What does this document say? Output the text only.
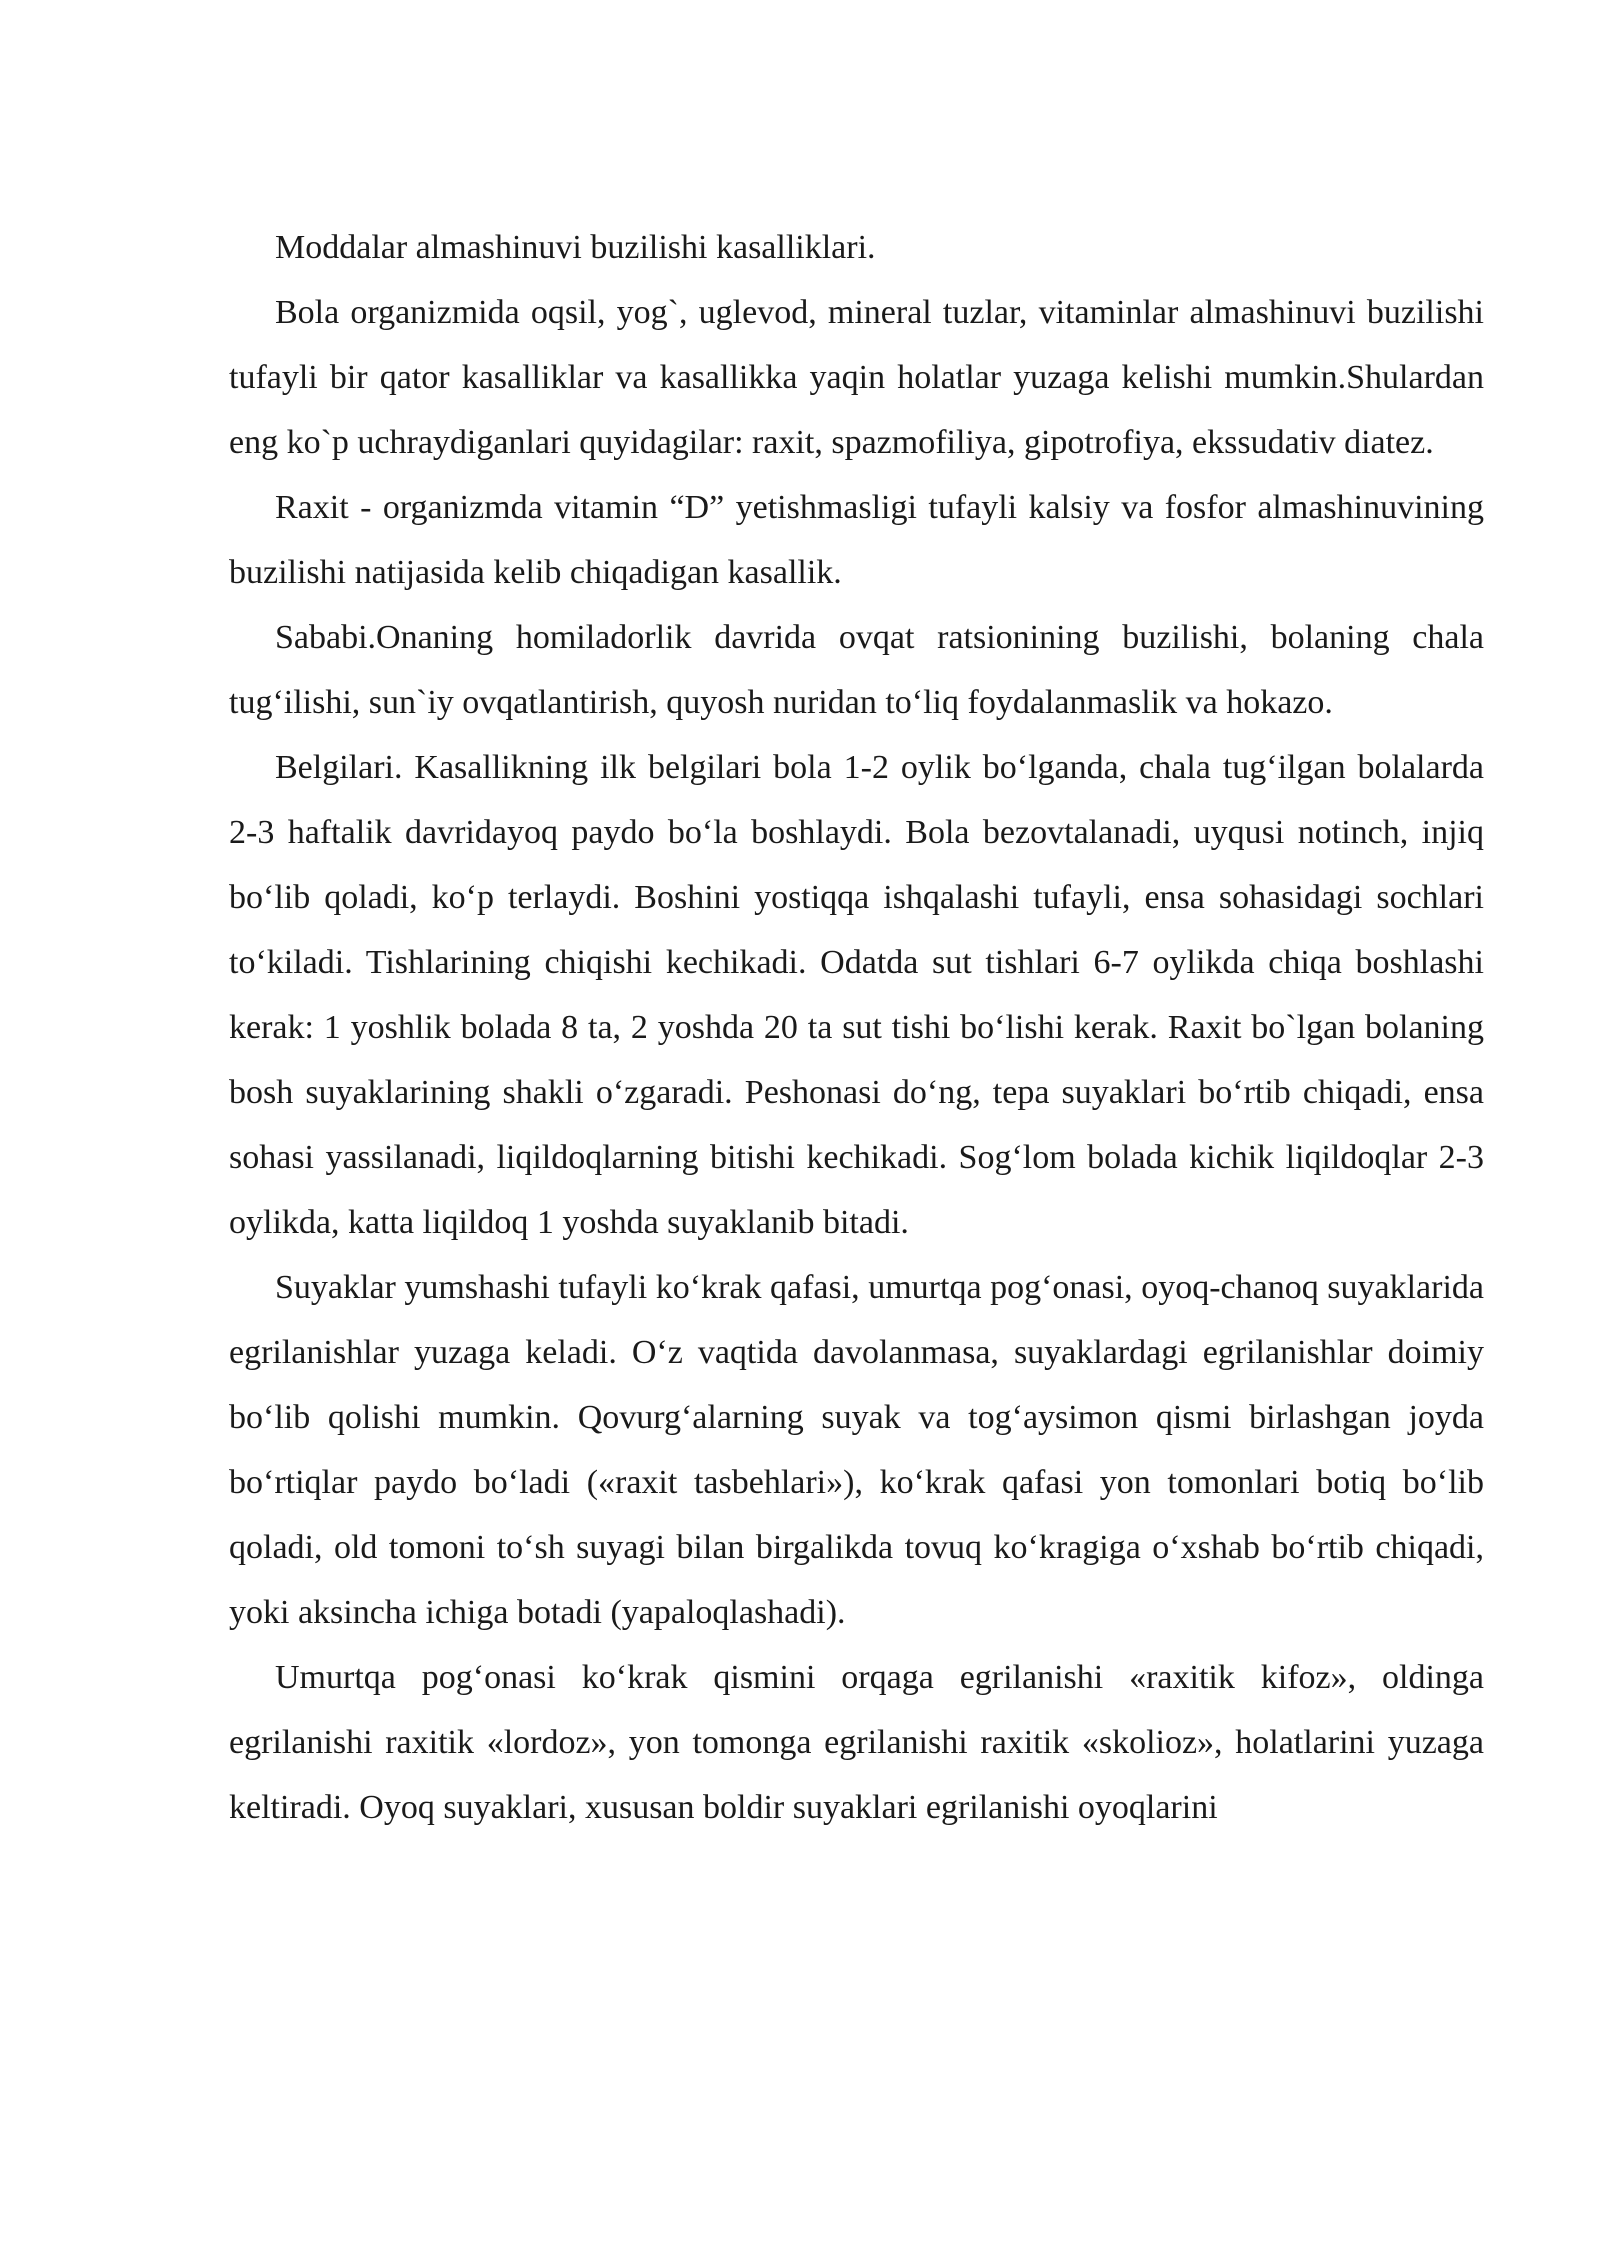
Moddalar almashinuvi buzilishi kasalliklari.

Bola organizmida oqsil, yog`, uglevod, mineral tuzlar, vitaminlar almashinuvi buzilishi tufayli bir qator kasalliklar va kasallikka yaqin holatlar yuzaga kelishi mumkin.Shulardan eng ko`p uchraydiganlari quyidagilar: raxit, spazmofiliya, gipotrofiya, ekssudativ diatez.

Raxit - organizmda vitamin “D” yetishmasligi tufayli kalsiy va fosfor almashinuvining buzilishi natijasida kelib chiqadigan kasallik.

Sababi.Onaning homiladorlik davrida ovqat ratsionining buzilishi, bolaning chala tug‘ilishi, sun`iy ovqatlantirish, quyosh nuridan to‘liq foydalanmaslik va hokazo.

Belgilari. Kasallikning ilk belgilari bola 1-2 oylik bo‘lganda, chala tug‘ilgan bolalarda 2-3 haftalik davridayoq paydo bo‘la boshlaydi. Bola bezovtalanadi, uyqusi notinch, injiq bo‘lib qoladi, ko‘p terlaydi. Boshini yostiqqa ishqalashi tufayli, ensa sohasidagi sochlari to‘kiladi. Tishlarining chiqishi kechikadi. Odatda sut tishlari 6-7 oylikda chiqa boshlashi kerak: 1 yoshlik bolada 8 ta, 2 yoshda 20 ta sut tishi bo‘lishi kerak. Raxit bo`lgan bolaning bosh suyaklarining shakli o‘zgaradi. Peshonasi do‘ng, tepa suyaklari bo‘rtib chiqadi, ensa sohasi yassilanadi, liqildoqlarning bitishi kechikadi. Sog‘lom bolada kichik liqildoqlar 2-3 oylikda, katta liqildoq 1 yoshda suyaklanib bitadi.

Suyaklar yumshashi tufayli ko‘krak qafasi, umurtqa pog‘onasi, oyoq-chanoq suyaklarida egrilanishlar yuzaga keladi. O‘z vaqtida davolanmasa, suyaklardagi egrilanishlar doimiy bo‘lib qolishi mumkin. Qovurg‘alarning suyak va tog‘aysimon qismi birlashgan joyda bo‘rtiqlar paydo bo‘ladi («raxit tasbehlari»), ko‘krak qafasi yon tomonlari botiq bo‘lib qoladi, old tomoni to‘sh suyagi bilan birgalikda tovuq ko‘kragiga o‘xshab bo‘rtib chiqadi, yoki aksincha ichiga botadi (yapaloqlashadi).

Umurtqa pog‘onasi ko‘krak qismini orqaga egrilanishi «raxitik kifoz», oldinga egrilanishi raxitik «lordoz», yon tomonga egrilanishi raxitik «skolioz», holatlarini yuzaga keltiradi. Oyoq suyaklari, xususan boldir suyaklari egrilanishi oyoqlarini
